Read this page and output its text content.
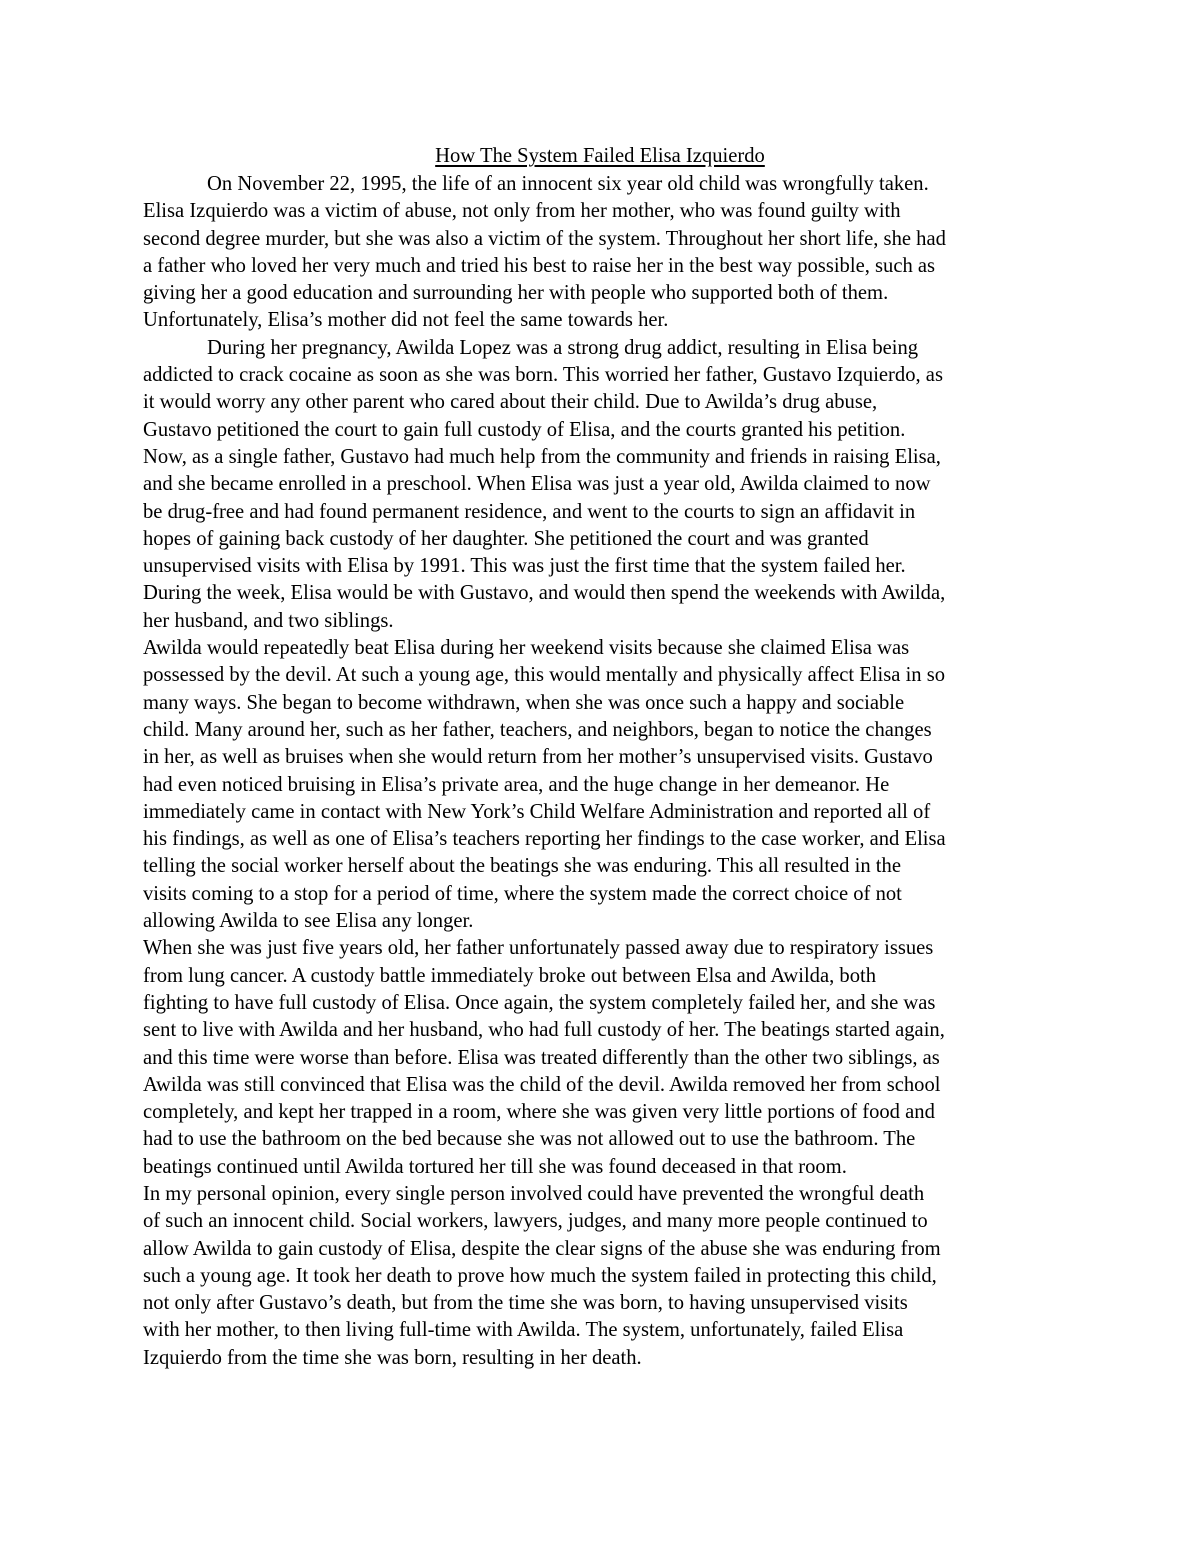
How The System Failed Elisa Izquierdo
On November 22, 1995, the life of an innocent six year old child was wrongfully taken.
Elisa Izquierdo was a victim of abuse, not only from her mother, who was found guilty with
second degree murder, but she was also a victim of the system. Throughout her short life, she had
a father who loved her very much and tried his best to raise her in the best way possible, such as
giving her a good education and surrounding her with people who supported both of them.
Unfortunately, Elisa’s mother did not feel the same towards her.
During her pregnancy, Awilda Lopez was a strong drug addict, resulting in Elisa being
addicted to crack cocaine as soon as she was born. This worried her father, Gustavo Izquierdo, as
it would worry any other parent who cared about their child. Due to Awilda’s drug abuse,
Gustavo petitioned the court to gain full custody of Elisa, and the courts granted his petition.
Now, as a single father, Gustavo had much help from the community and friends in raising Elisa,
and she became enrolled in a preschool. When Elisa was just a year old, Awilda claimed to now
be drug-free and had found permanent residence, and went to the courts to sign an affidavit in
hopes of gaining back custody of her daughter. She petitioned the court and was granted
unsupervised visits with Elisa by 1991. This was just the first time that the system failed her.
During the week, Elisa would be with Gustavo, and would then spend the weekends with Awilda,
her husband, and two siblings.
Awilda would repeatedly beat Elisa during her weekend visits because she claimed Elisa was
possessed by the devil. At such a young age, this would mentally and physically affect Elisa in so
many ways. She began to become withdrawn, when she was once such a happy and sociable
child. Many around her, such as her father, teachers, and neighbors, began to notice the changes
in her, as well as bruises when she would return from her mother’s unsupervised visits. Gustavo
had even noticed bruising in Elisa’s private area, and the huge change in her demeanor. He
immediately came in contact with New York’s Child Welfare Administration and reported all of
his findings, as well as one of Elisa’s teachers reporting her findings to the case worker, and Elisa
telling the social worker herself about the beatings she was enduring. This all resulted in the
visits coming to a stop for a period of time, where the system made the correct choice of not
allowing Awilda to see Elisa any longer.
When she was just five years old, her father unfortunately passed away due to respiratory issues
from lung cancer. A custody battle immediately broke out between Elsa and Awilda, both
fighting to have full custody of Elisa. Once again, the system completely failed her, and she was
sent to live with Awilda and her husband, who had full custody of her. The beatings started again,
and this time were worse than before. Elisa was treated differently than the other two siblings, as
Awilda was still convinced that Elisa was the child of the devil. Awilda removed her from school
completely, and kept her trapped in a room, where she was given very little portions of food and
had to use the bathroom on the bed because she was not allowed out to use the bathroom. The
beatings continued until Awilda tortured her till she was found deceased in that room.
In my personal opinion, every single person involved could have prevented the wrongful death
of such an innocent child. Social workers, lawyers, judges, and many more people continued to
allow Awilda to gain custody of Elisa, despite the clear signs of the abuse she was enduring from
such a young age. It took her death to prove how much the system failed in protecting this child,
not only after Gustavo’s death, but from the time she was born, to having unsupervised visits
with her mother, to then living full-time with Awilda. The system, unfortunately, failed Elisa
Izquierdo from the time she was born, resulting in her death.
